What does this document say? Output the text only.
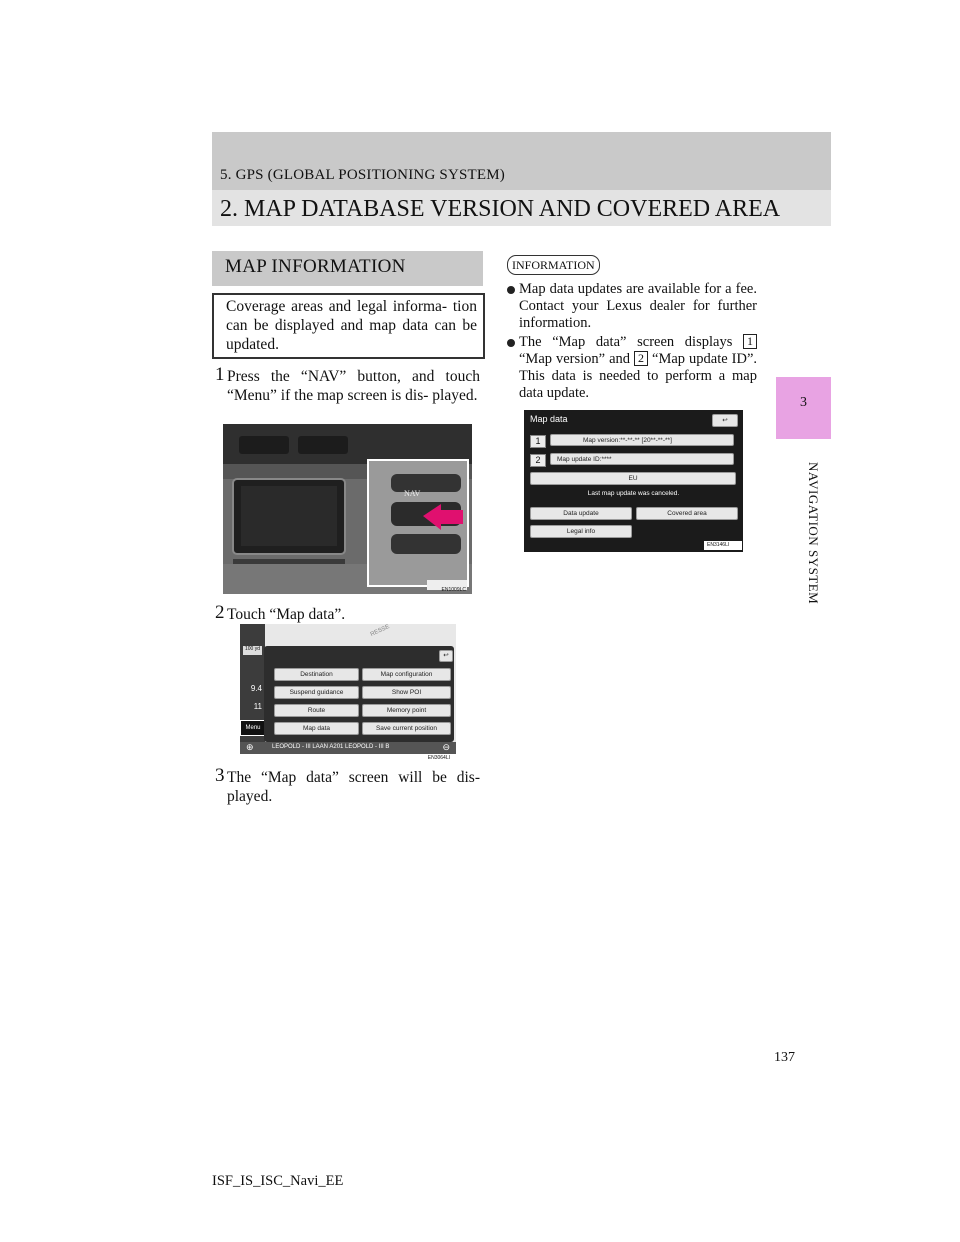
5. GPS (GLOBAL POSITIONING SYSTEM)
2. MAP DATABASE VERSION AND COVERED AREA
3
NAVIGATION SYSTEM
MAP INFORMATION
Coverage areas and legal informa- tion can be displayed and map data can be updated.
1 Press the “NAV” button, and touch “Menu” if the map screen is dis- played.
EN1009LC
NAV
2 Touch “Map data”.
RESSE
100 yd
9.4
11
Menu
↩
Destination	Map configuration
Suspend guidance	Show POI
Route	Memory point
Map data	Save current position
⊕	LEOPOLD - III LAAN A201 LEOPOLD - III B	⊖
EN3064LI
3 The “Map data” screen will be dis- played.
INFORMATION
Map data updates are available for a fee. Contact your Lexus dealer for further information.
The “Map data” screen displays 1 “Map version” and 2 “Map update ID”. This data is needed to perform a map data update.
Map data	↩
1	Map version:**-**-** [20**-**-**]
2	Map update ID:****
EU
Last map update was canceled.
Data update	Covered area
Legal info
EN3146LI
137
ISF_IS_ISC_Navi_EE
